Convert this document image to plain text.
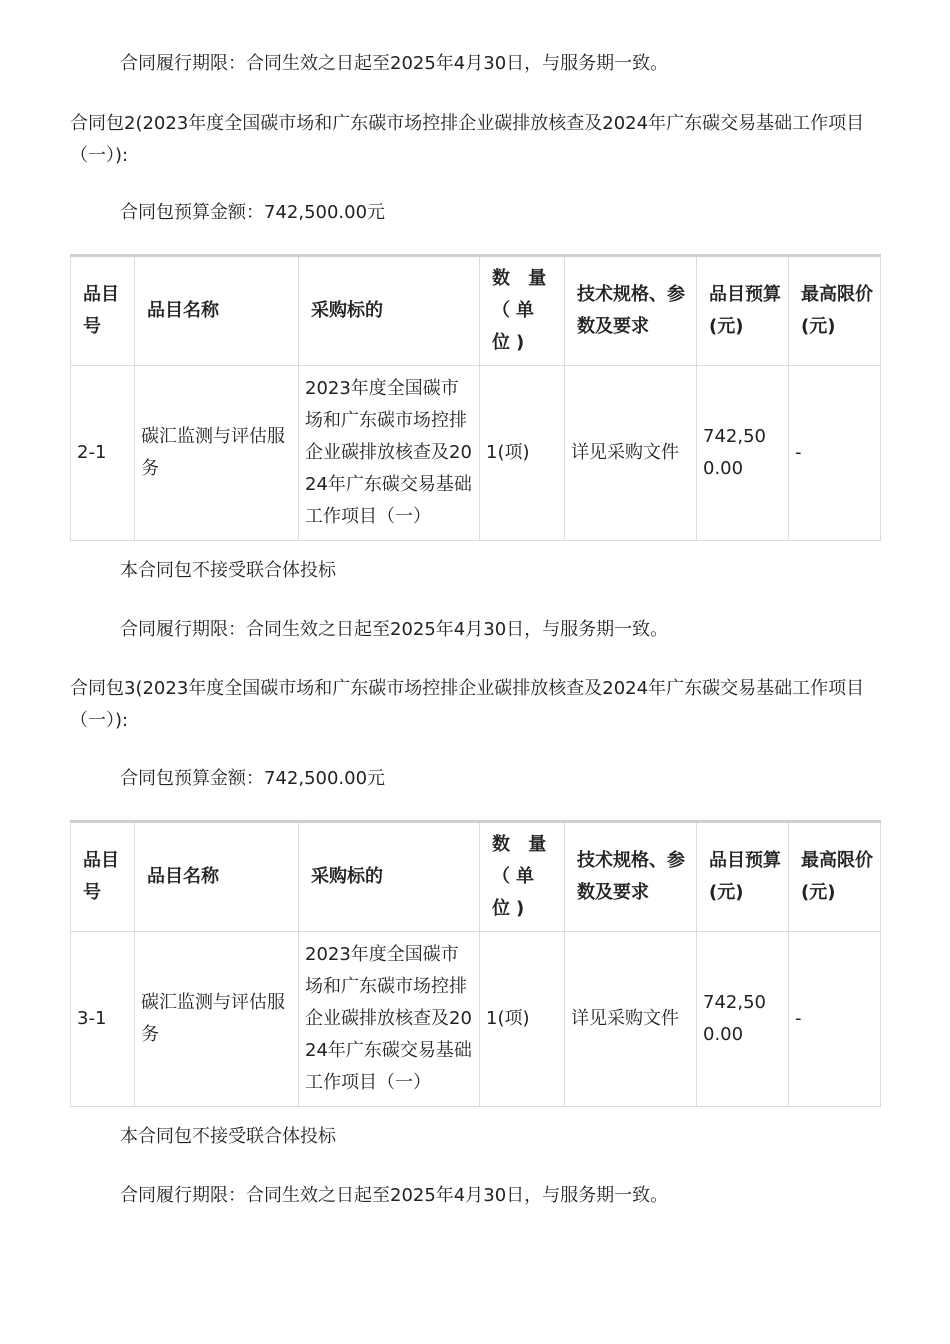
合同履行期限：合同生效之日起至2025年4月30日，与服务期一致。
合同包2(2023年度全国碳市场和广东碳市场控排企业碳排放核查及2024年广东碳交易基础工作项目（一）):
合同包预算金额：742,500.00元
品目号	品目名称	采购标的	数 量（单位)	技术规格、参数及要求	品目预算(元)	最高限价(元)
2-1	碳汇监测与评估服务	2023年度全国碳市场和广东碳市场控排企业碳排放核查及2024年广东碳交易基础工作项目（一）	1(项)	详见采购文件	742,500.00	-
本合同包不接受联合体投标
合同履行期限：合同生效之日起至2025年4月30日，与服务期一致。
合同包3(2023年度全国碳市场和广东碳市场控排企业碳排放核查及2024年广东碳交易基础工作项目（一）):
合同包预算金额：742,500.00元
品目号	品目名称	采购标的	数 量（单位)	技术规格、参数及要求	品目预算(元)	最高限价(元)
3-1	碳汇监测与评估服务	2023年度全国碳市场和广东碳市场控排企业碳排放核查及2024年广东碳交易基础工作项目（一）	1(项)	详见采购文件	742,500.00	-
本合同包不接受联合体投标
合同履行期限：合同生效之日起至2025年4月30日，与服务期一致。
